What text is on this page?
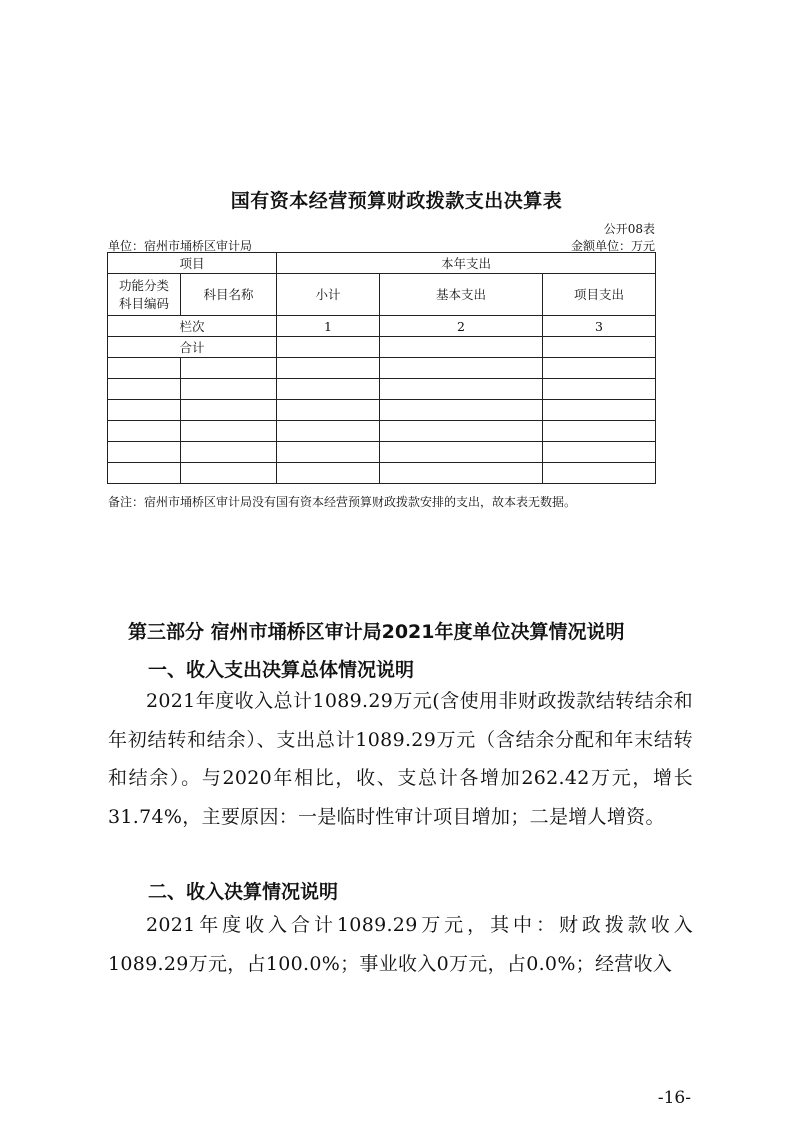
国有资本经营预算财政拨款支出决算表
公开08表
单位：宿州市埇桥区审计局	金额单位：万元
项目		本年支出		
功能分类
科目编码	科目名称	小计	基本支出	项目支出
栏次		1	2	3
合计				

备注：宿州市埇桥区审计局没有国有资本经营预算财政拨款安排的支出，故本表无数据。
第三部分 宿州市埇桥区审计局2021年度单位决算情况说明
一、收入支出决算总体情况说明
2021年度收入总计1089.29万元(含使用非财政拨款结转结余和年初结转和结余）、支出总计1089.29万元（含结余分配和年末结转和结余）。与2020年相比，收、支总计各增加262.42万元，增长31.74%，主要原因：一是临时性审计项目增加；二是增人增资。
二、收入决算情况说明
2021年度收入合计1089.29万元，其中：财政拨款收入1089.29万元，占100.0%；事业收入0万元，占0.0%；经营收入
-16-
